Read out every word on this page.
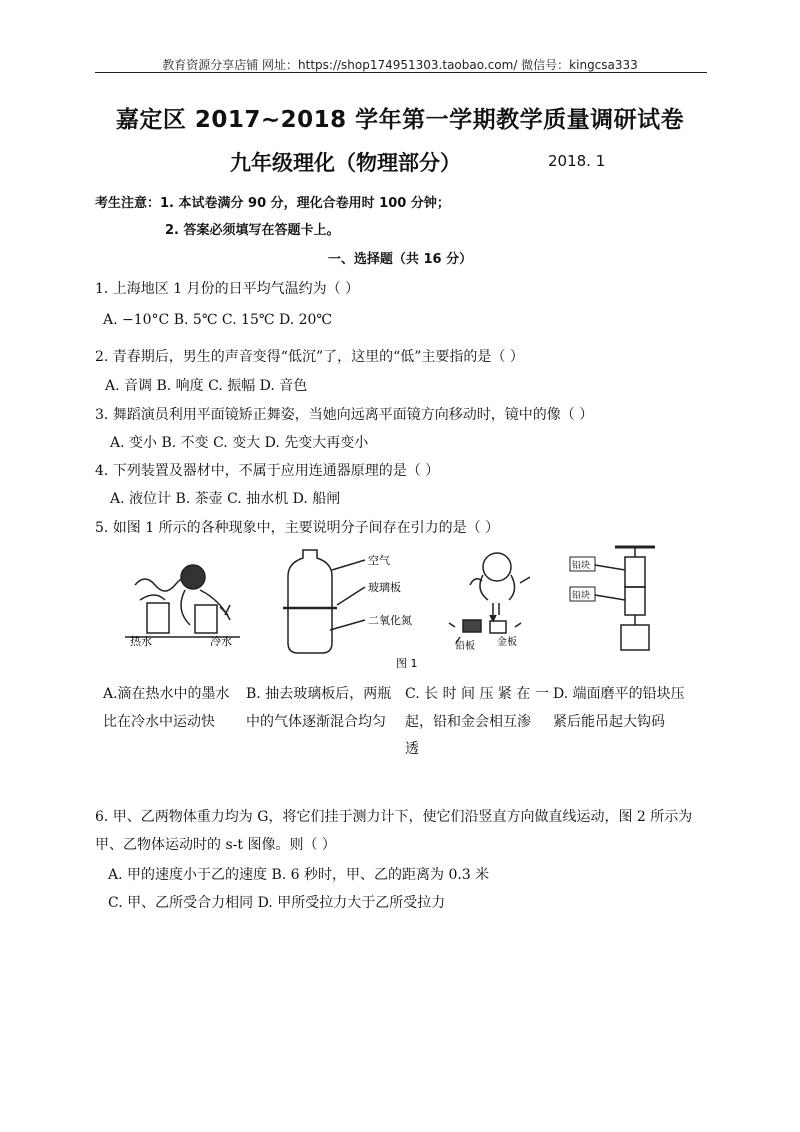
教育资源分享店铺 网址：https://shop174951303.taobao.com/ 微信号：kingcsa333
嘉定区 2017~2018 学年第一学期教学质量调研试卷
九年级理化（物理部分）	2018. 1
考生注意：1. 本试卷满分 90 分，理化合卷用时 100 分钟；
2. 答案必须填写在答题卡上。
一、选择题（共 16 分）
1. 上海地区 1 月份的日平均气温约为（ ）
A. −10°C B. 5℃ C. 15℃ D. 20℃
2. 青春期后，男生的声音变得“低沉”了，这里的“低”主要指的是（ ）
A. 音调 B. 响度 C. 振幅 D. 音色
3. 舞蹈演员利用平面镜矫正舞姿，当她向远离平面镜方向移动时，镜中的像（ ）
A. 变小 B. 不变 C. 变大 D. 先变大再变小
4. 下列装置及器材中，不属于应用连通器原理的是（ ）
A. 液位计 B. 茶壶 C. 抽水机 D. 船闸
5. 如图 1 所示的各种现象中，主要说明分子间存在引力的是（ ）
热水	冷水
空气
玻璃板
二氧化氮
铅板 金板
图 1
铅块
铅块
A.滴在热水中的墨水
比在冷水中运动快
B. 抽去玻璃板后，两瓶
中的气体逐渐混合均匀
C. 长 时 间 压 紧 在 一
起，铅和金会相互渗
透
D. 端面磨平的铅块压
紧后能吊起大钩码
6. 甲、乙两物体重力均为 G，将它们挂于测力计下，使它们沿竖直方向做直线运动，图 2 所示为
甲、乙物体运动时的 s-t 图像。则（ ）
A. 甲的速度小于乙的速度 B. 6 秒时，甲、乙的距离为 0.3 米
C. 甲、乙所受合力相同 D. 甲所受拉力大于乙所受拉力
